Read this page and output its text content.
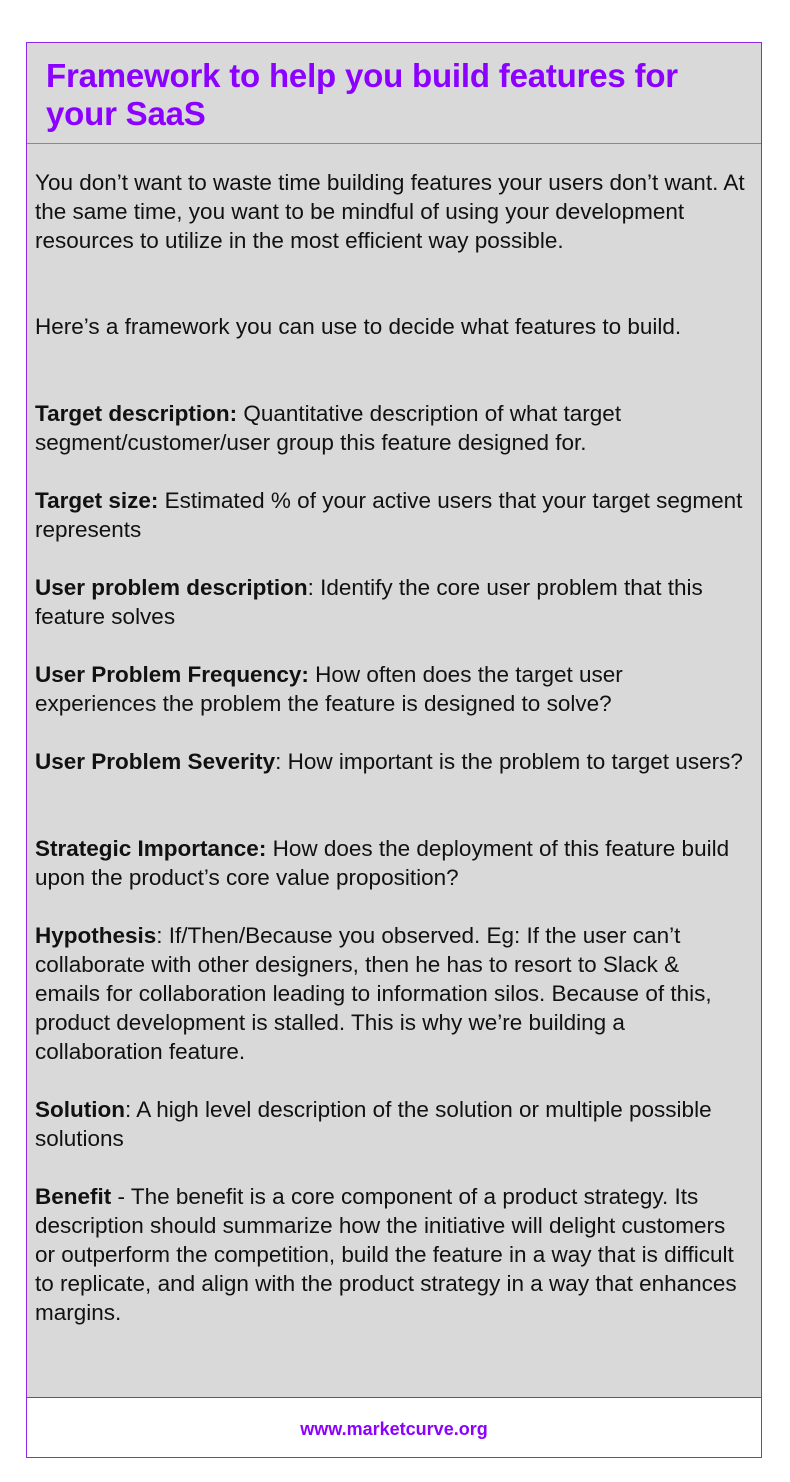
Framework to help you build features for your SaaS

You don’t want to waste time building features your users don’t want. At the same time, you want to be mindful of using your development resources to utilize in the most efficient way possible.

Here’s a framework you can use to decide what features to build.

Target description: Quantitative description of what target segment/customer/user group this feature designed for.

Target size: Estimated % of your active users that your target segment represents

User problem description: Identify the core user problem that this feature solves

User Problem Frequency: How often does the target user experiences the problem the feature is designed to solve?

User Problem Severity: How important is the problem to target users?

Strategic Importance: How does the deployment of this feature build upon the product’s core value proposition?

Hypothesis: If/Then/Because you observed. Eg: If the user can’t collaborate with other designers, then he has to resort to Slack & emails for collaboration leading to information silos. Because of this, product development is stalled. This is why we’re building a collaboration feature.

Solution: A high level description of the solution or multiple possible solutions

Benefit - The benefit is a core component of a product strategy. Its description should summarize how the initiative will delight customers or outperform the competition, build the feature in a way that is difficult to replicate, and align with the product strategy in a way that enhances margins.

www.marketcurve.org
